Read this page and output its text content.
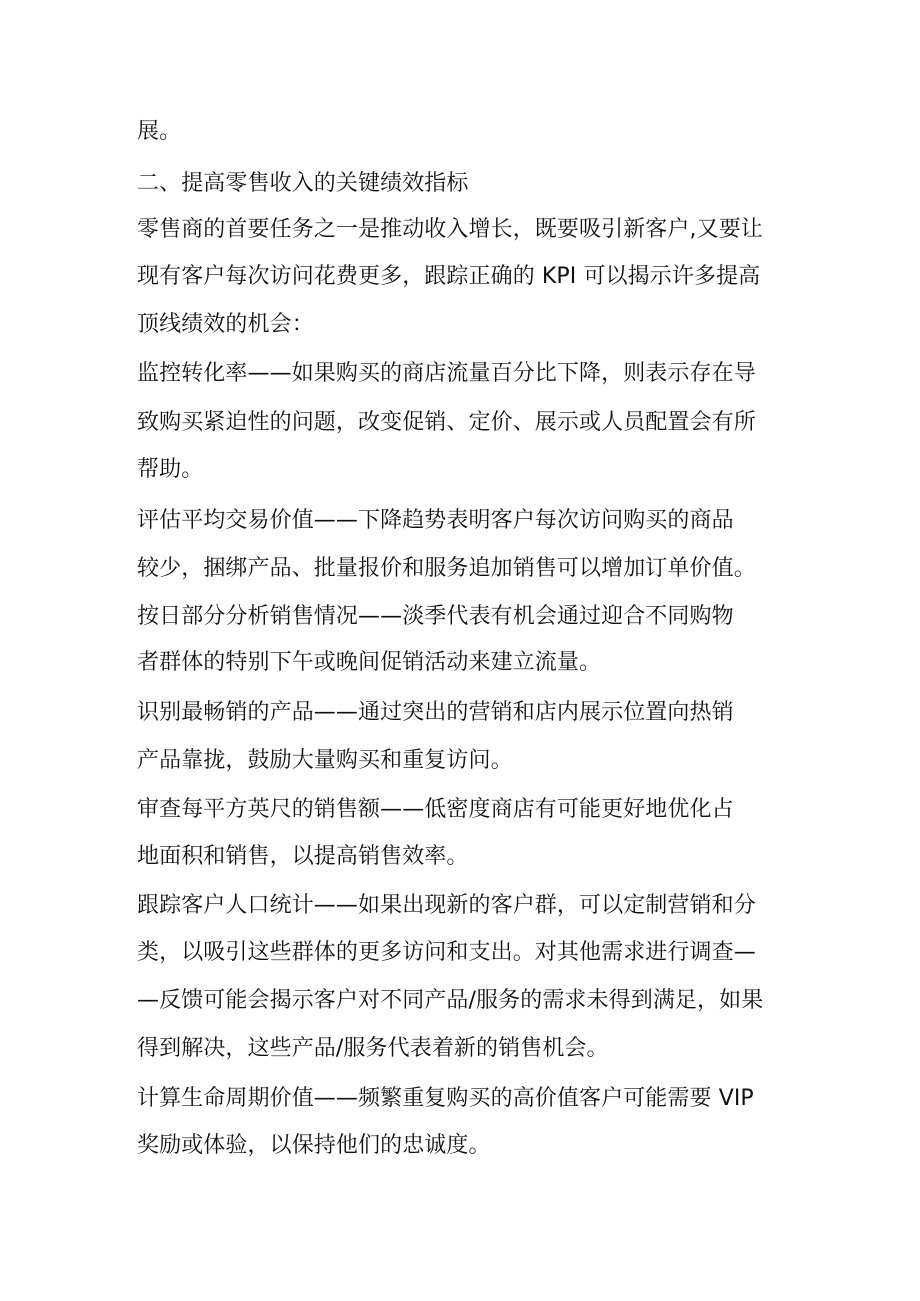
展。
二、提高零售收入的关键绩效指标
零售商的首要任务之一是推动收入增长，既要吸引新客户,又要让
现有客户每次访问花费更多，跟踪正确的 KPI 可以揭示许多提高
顶线绩效的机会：
监控转化率——如果购买的商店流量百分比下降，则表示存在导
致购买紧迫性的问题，改变促销、定价、展示或人员配置会有所
帮助。
评估平均交易价值——下降趋势表明客户每次访问购买的商品
较少，捆绑产品、批量报价和服务追加销售可以增加订单价值。
按日部分分析销售情况——淡季代表有机会通过迎合不同购物
者群体的特别下午或晚间促销活动来建立流量。
识别最畅销的产品——通过突出的营销和店内展示位置向热销
产品靠拢，鼓励大量购买和重复访问。
审查每平方英尺的销售额——低密度商店有可能更好地优化占
地面积和销售，以提高销售效率。
跟踪客户人口统计——如果出现新的客户群，可以定制营销和分
类，以吸引这些群体的更多访问和支出。对其他需求进行调查—
—反馈可能会揭示客户对不同产品/服务的需求未得到满足，如果
得到解决，这些产品/服务代表着新的销售机会。
计算生命周期价值——频繁重复购买的高价值客户可能需要 VIP
奖励或体验，以保持他们的忠诚度。
